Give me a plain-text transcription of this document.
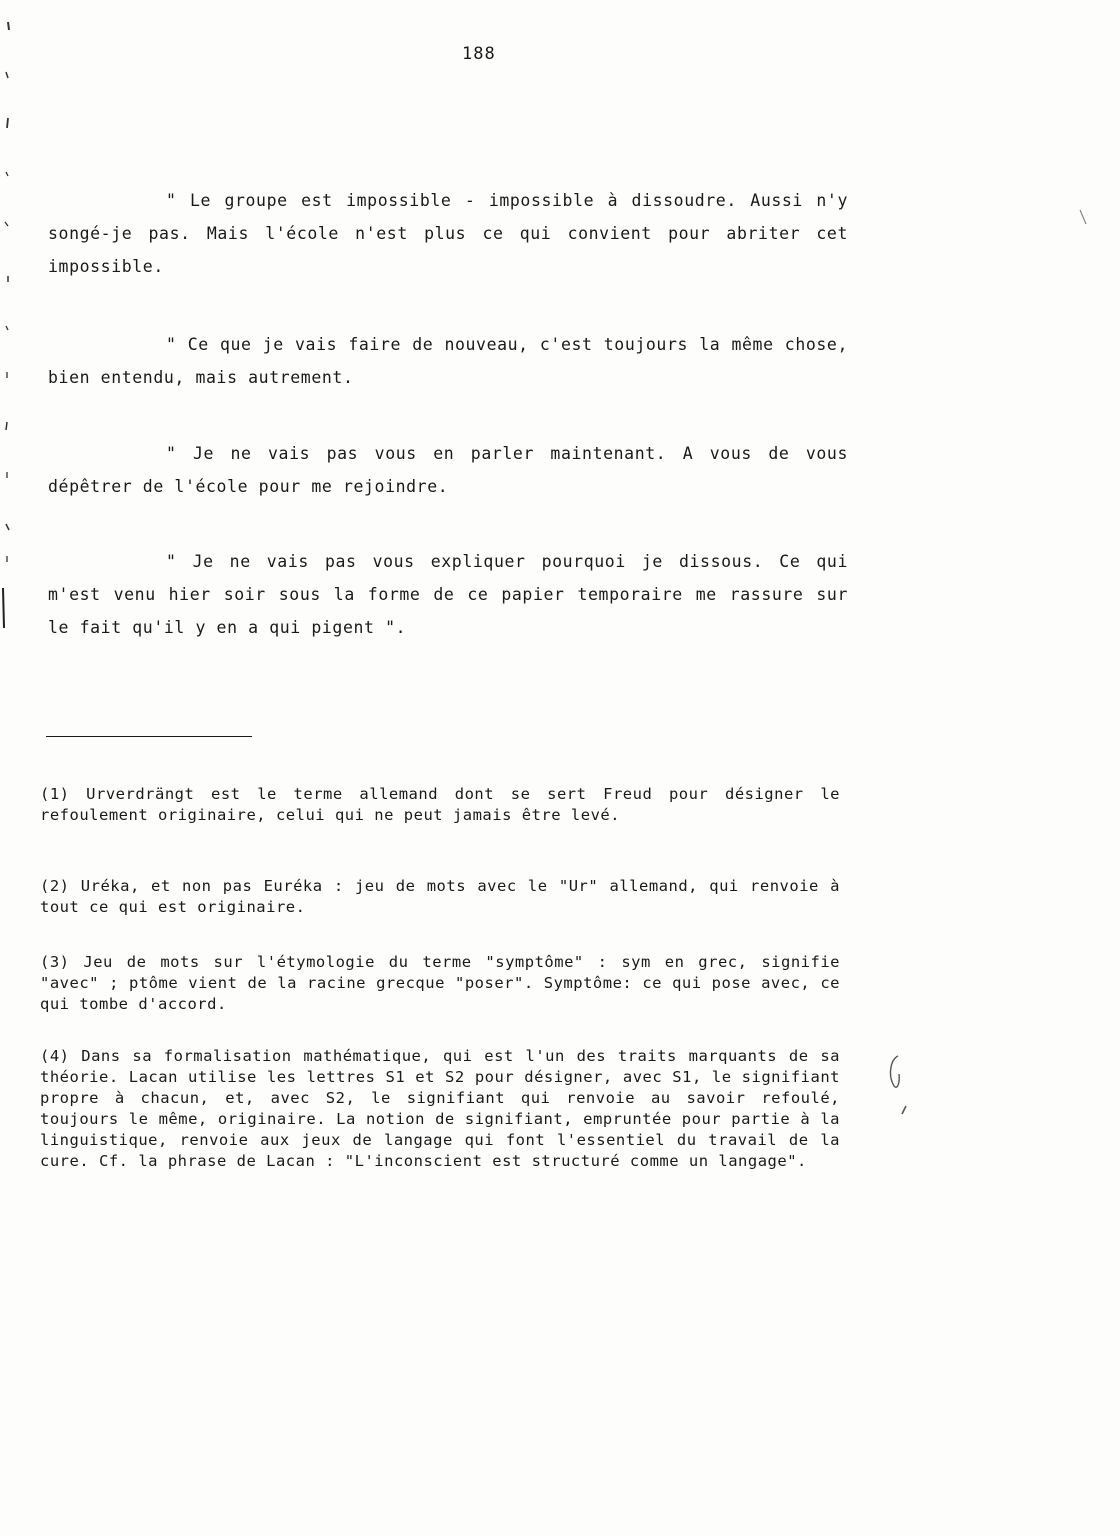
188

" Le groupe est impossible - impossible à dissoudre. Aussi n'y songé-je pas. Mais l'école n'est plus ce qui convient pour abriter cet impossible.

" Ce que je vais faire de nouveau, c'est toujours la même chose, bien entendu, mais autrement.

" Je ne vais pas vous en parler maintenant. A vous de vous dépêtrer de l'école pour me rejoindre.

" Je ne vais pas vous expliquer pourquoi je dissous. Ce qui m'est venu hier soir sous la forme de ce papier temporaire me rassure sur le fait qu'il y en a qui pigent ".

(1) Urverdrängt est le terme allemand dont se sert Freud pour désigner le refoulement originaire, celui qui ne peut jamais être levé.

(2) Uréka, et non pas Euréka : jeu de mots avec le "Ur" allemand, qui renvoie à tout ce qui est originaire.

(3) Jeu de mots sur l'étymologie du terme "symptôme" : sym en grec, signifie "avec" ; ptôme vient de la racine grecque "poser". Symptôme: ce qui pose avec, ce qui tombe d'accord.

(4) Dans sa formalisation mathématique, qui est l'un des traits marquants de sa théorie. Lacan utilise les lettres S1 et S2 pour désigner, avec S1, le signifiant propre à chacun, et, avec S2, le signifiant qui renvoie au savoir refoulé, toujours le même, originaire. La notion de signifiant, empruntée pour partie à la linguistique, renvoie aux jeux de langage qui font l'essentiel du travail de la cure. Cf. la phrase de Lacan : "L'inconscient est structuré comme un langage".
